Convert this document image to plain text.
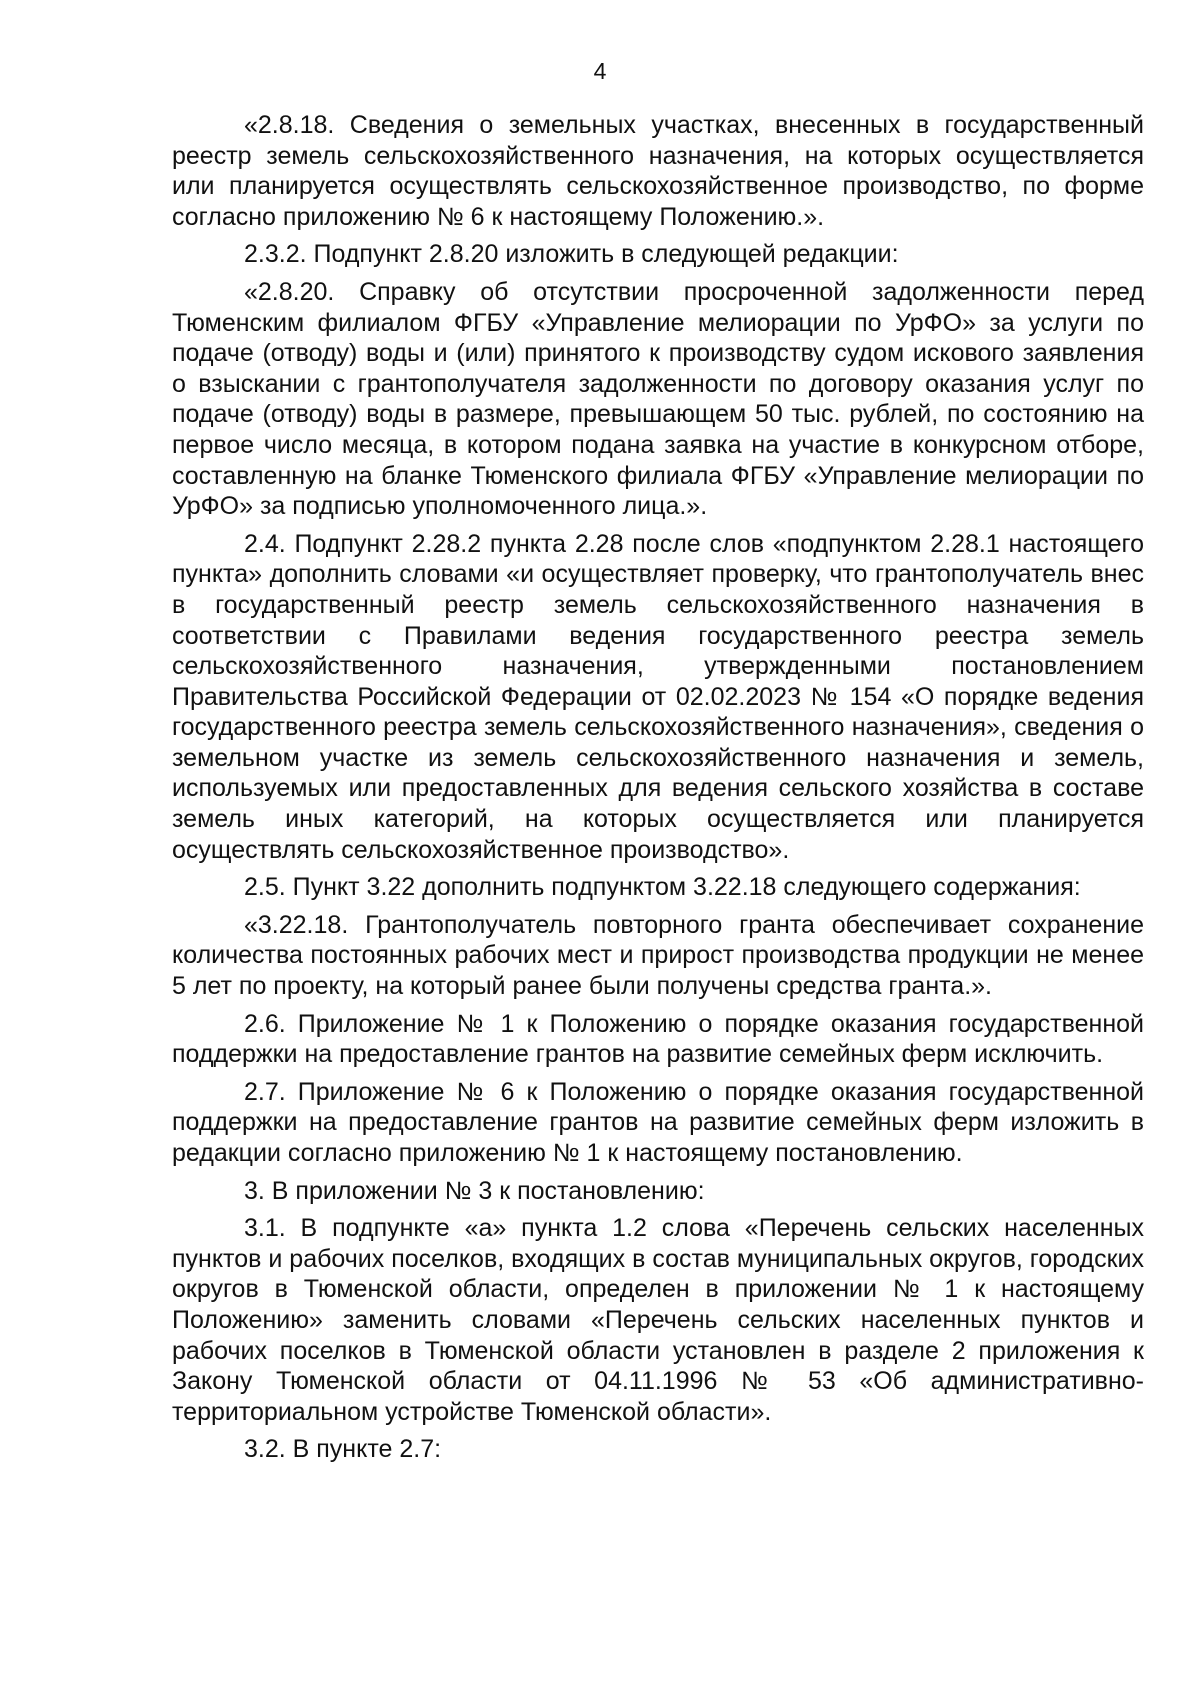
4

«2.8.18. Сведения о земельных участках, внесенных в государственный реестр земель сельскохозяйственного назначения, на которых осуществляется или планируется осуществлять сельскохозяйственное производство, по форме согласно приложению № 6 к настоящему Положению.».

2.3.2. Подпункт 2.8.20 изложить в следующей редакции:

«2.8.20. Справку об отсутствии просроченной задолженности перед Тюменским филиалом ФГБУ «Управление мелиорации по УрФО» за услуги по подаче (отводу) воды и (или) принятого к производству судом искового заявления о взыскании с грантополучателя задолженности по договору оказания услуг по подаче (отводу) воды в размере, превышающем 50 тыс. рублей, по состоянию на первое число месяца, в котором подана заявка на участие в конкурсном отборе, составленную на бланке Тюменского филиала ФГБУ «Управление мелиорации по УрФО» за подписью уполномоченного лица.».

2.4. Подпункт 2.28.2 пункта 2.28 после слов «подпунктом 2.28.1 настоящего пункта» дополнить словами «и осуществляет проверку, что грантополучатель внес в государственный реестр земель сельскохозяйственного назначения в соответствии с Правилами ведения государственного реестра земель сельскохозяйственного назначения, утвержденными постановлением Правительства Российской Федерации от 02.02.2023 № 154 «О порядке ведения государственного реестра земель сельскохозяйственного назначения», сведения о земельном участке из земель сельскохозяйственного назначения и земель, используемых или предоставленных для ведения сельского хозяйства в составе земель иных категорий, на которых осуществляется или планируется осуществлять сельскохозяйственное производство».

2.5. Пункт 3.22 дополнить подпунктом 3.22.18 следующего содержания:

«3.22.18. Грантополучатель повторного гранта обеспечивает сохранение количества постоянных рабочих мест и прирост производства продукции не менее 5 лет по проекту, на который ранее были получены средства гранта.».

2.6. Приложение № 1 к Положению о порядке оказания государственной поддержки на предоставление грантов на развитие семейных ферм исключить.

2.7. Приложение № 6 к Положению о порядке оказания государственной поддержки на предоставление грантов на развитие семейных ферм изложить в редакции согласно приложению № 1 к настоящему постановлению.

3. В приложении № 3 к постановлению:

3.1. В подпункте «а» пункта 1.2 слова «Перечень сельских населенных пунктов и рабочих поселков, входящих в состав муниципальных округов, городских округов в Тюменской области, определен в приложении № 1 к настоящему Положению» заменить словами «Перечень сельских населенных пунктов и рабочих поселков в Тюменской области установлен в разделе 2 приложения к Закону Тюменской области от 04.11.1996 № 53 «Об административно-территориальном устройстве Тюменской области».

3.2. В пункте 2.7:
